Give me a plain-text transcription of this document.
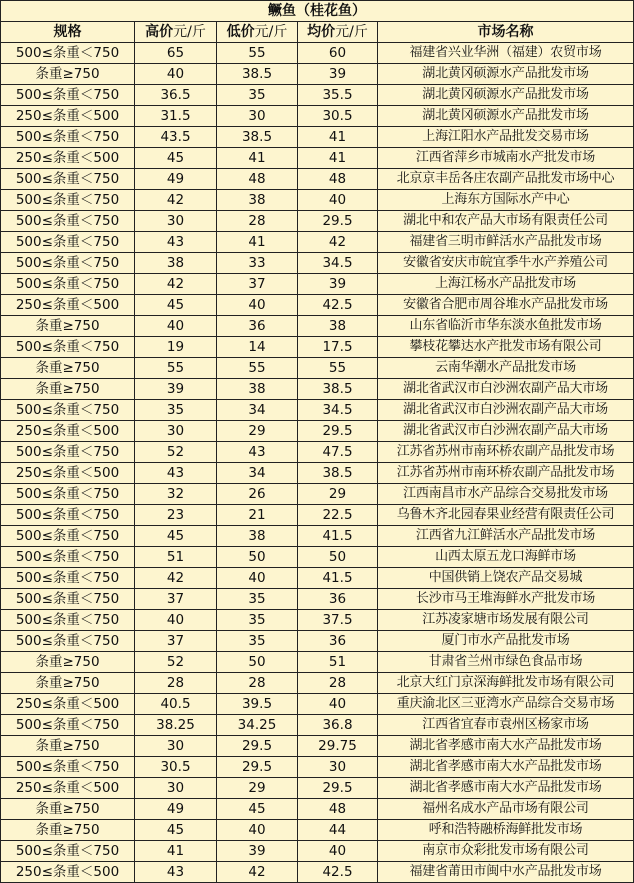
鳜鱼（桂花鱼）				
规格	高价元/斤	低价元/斤	均价元/斤	市场名称
500≤条重＜750	65	55	60	福建省兴业华洲（福建）农贸市场
条重≥750	40	38.5	39	湖北黄冈硕源水产品批发市场
500≤条重＜750	36.5	35	35.5	湖北黄冈硕源水产品批发市场
250≤条重＜500	31.5	30	30.5	湖北黄冈硕源水产品批发市场
500≤条重＜750	43.5	38.5	41	上海江阳水产品批发交易市场
250≤条重＜500	45	41	41	江西省萍乡市城南水产批发市场
500≤条重＜750	49	48	48	北京京丰岳各庄农副产品批发市场中心
500≤条重＜750	42	38	40	上海东方国际水产中心
500≤条重＜750	30	28	29.5	湖北中和农产品大市场有限责任公司
500≤条重＜750	43	41	42	福建省三明市鲜活水产品批发市场
500≤条重＜750	38	33	34.5	安徽省安庆市皖宜季牛水产养殖公司
500≤条重＜750	42	37	39	上海江杨水产品批发市场
250≤条重＜500	45	40	42.5	安徽省合肥市周谷堆水产品批发市场
条重≥750	40	36	38	山东省临沂市华东淡水鱼批发市场
500≤条重＜750	19	14	17.5	攀枝花攀达水产批发市场有限公司
条重≥750	55	55	55	云南华潮水产品批发市场
条重≥750	39	38	38.5	湖北省武汉市白沙洲农副产品大市场
500≤条重＜750	35	34	34.5	湖北省武汉市白沙洲农副产品大市场
250≤条重＜500	30	29	29.5	湖北省武汉市白沙洲农副产品大市场
500≤条重＜750	52	43	47.5	江苏省苏州市南环桥农副产品批发市场
250≤条重＜500	43	34	38.5	江苏省苏州市南环桥农副产品批发市场
500≤条重＜750	32	26	29	江西南昌市水产品综合交易批发市场
500≤条重＜750	23	21	22.5	乌鲁木齐北园春果业经营有限责任公司
500≤条重＜750	45	38	41.5	江西省九江鲜活水产品批发市场
500≤条重＜750	51	50	50	山西太原五龙口海鲜市场
500≤条重＜750	42	40	41.5	中国供销上饶农产品交易城
500≤条重＜750	37	35	36	长沙市马王堆海鲜水产批发市场
500≤条重＜750	40	35	37.5	江苏凌家塘市场发展有限公司
500≤条重＜750	37	35	36	厦门市水产品批发市场
条重≥750	52	50	51	甘肃省兰州市绿色食品市场
条重≥750	28	28	28	北京大红门京深海鲜批发市场有限公司
250≤条重＜500	40.5	39.5	40	重庆渝北区三亚湾水产品综合交易市场
500≤条重＜750	38.25	34.25	36.8	江西省宜春市袁州区杨家市场
条重≥750	30	29.5	29.75	湖北省孝感市南大水产品批发市场
500≤条重＜750	30.5	29.5	30	湖北省孝感市南大水产品批发市场
250≤条重＜500	30	29	29.5	湖北省孝感市南大水产品批发市场
条重≥750	49	45	48	福州名成水产品市场有限公司
条重≥750	45	40	44	呼和浩特融桥海鲜批发市场
500≤条重＜750	41	39	40	南京市众彩批发市场有限公司
250≤条重＜500	43	42	42.5	福建省莆田市闽中水产品批发市场
